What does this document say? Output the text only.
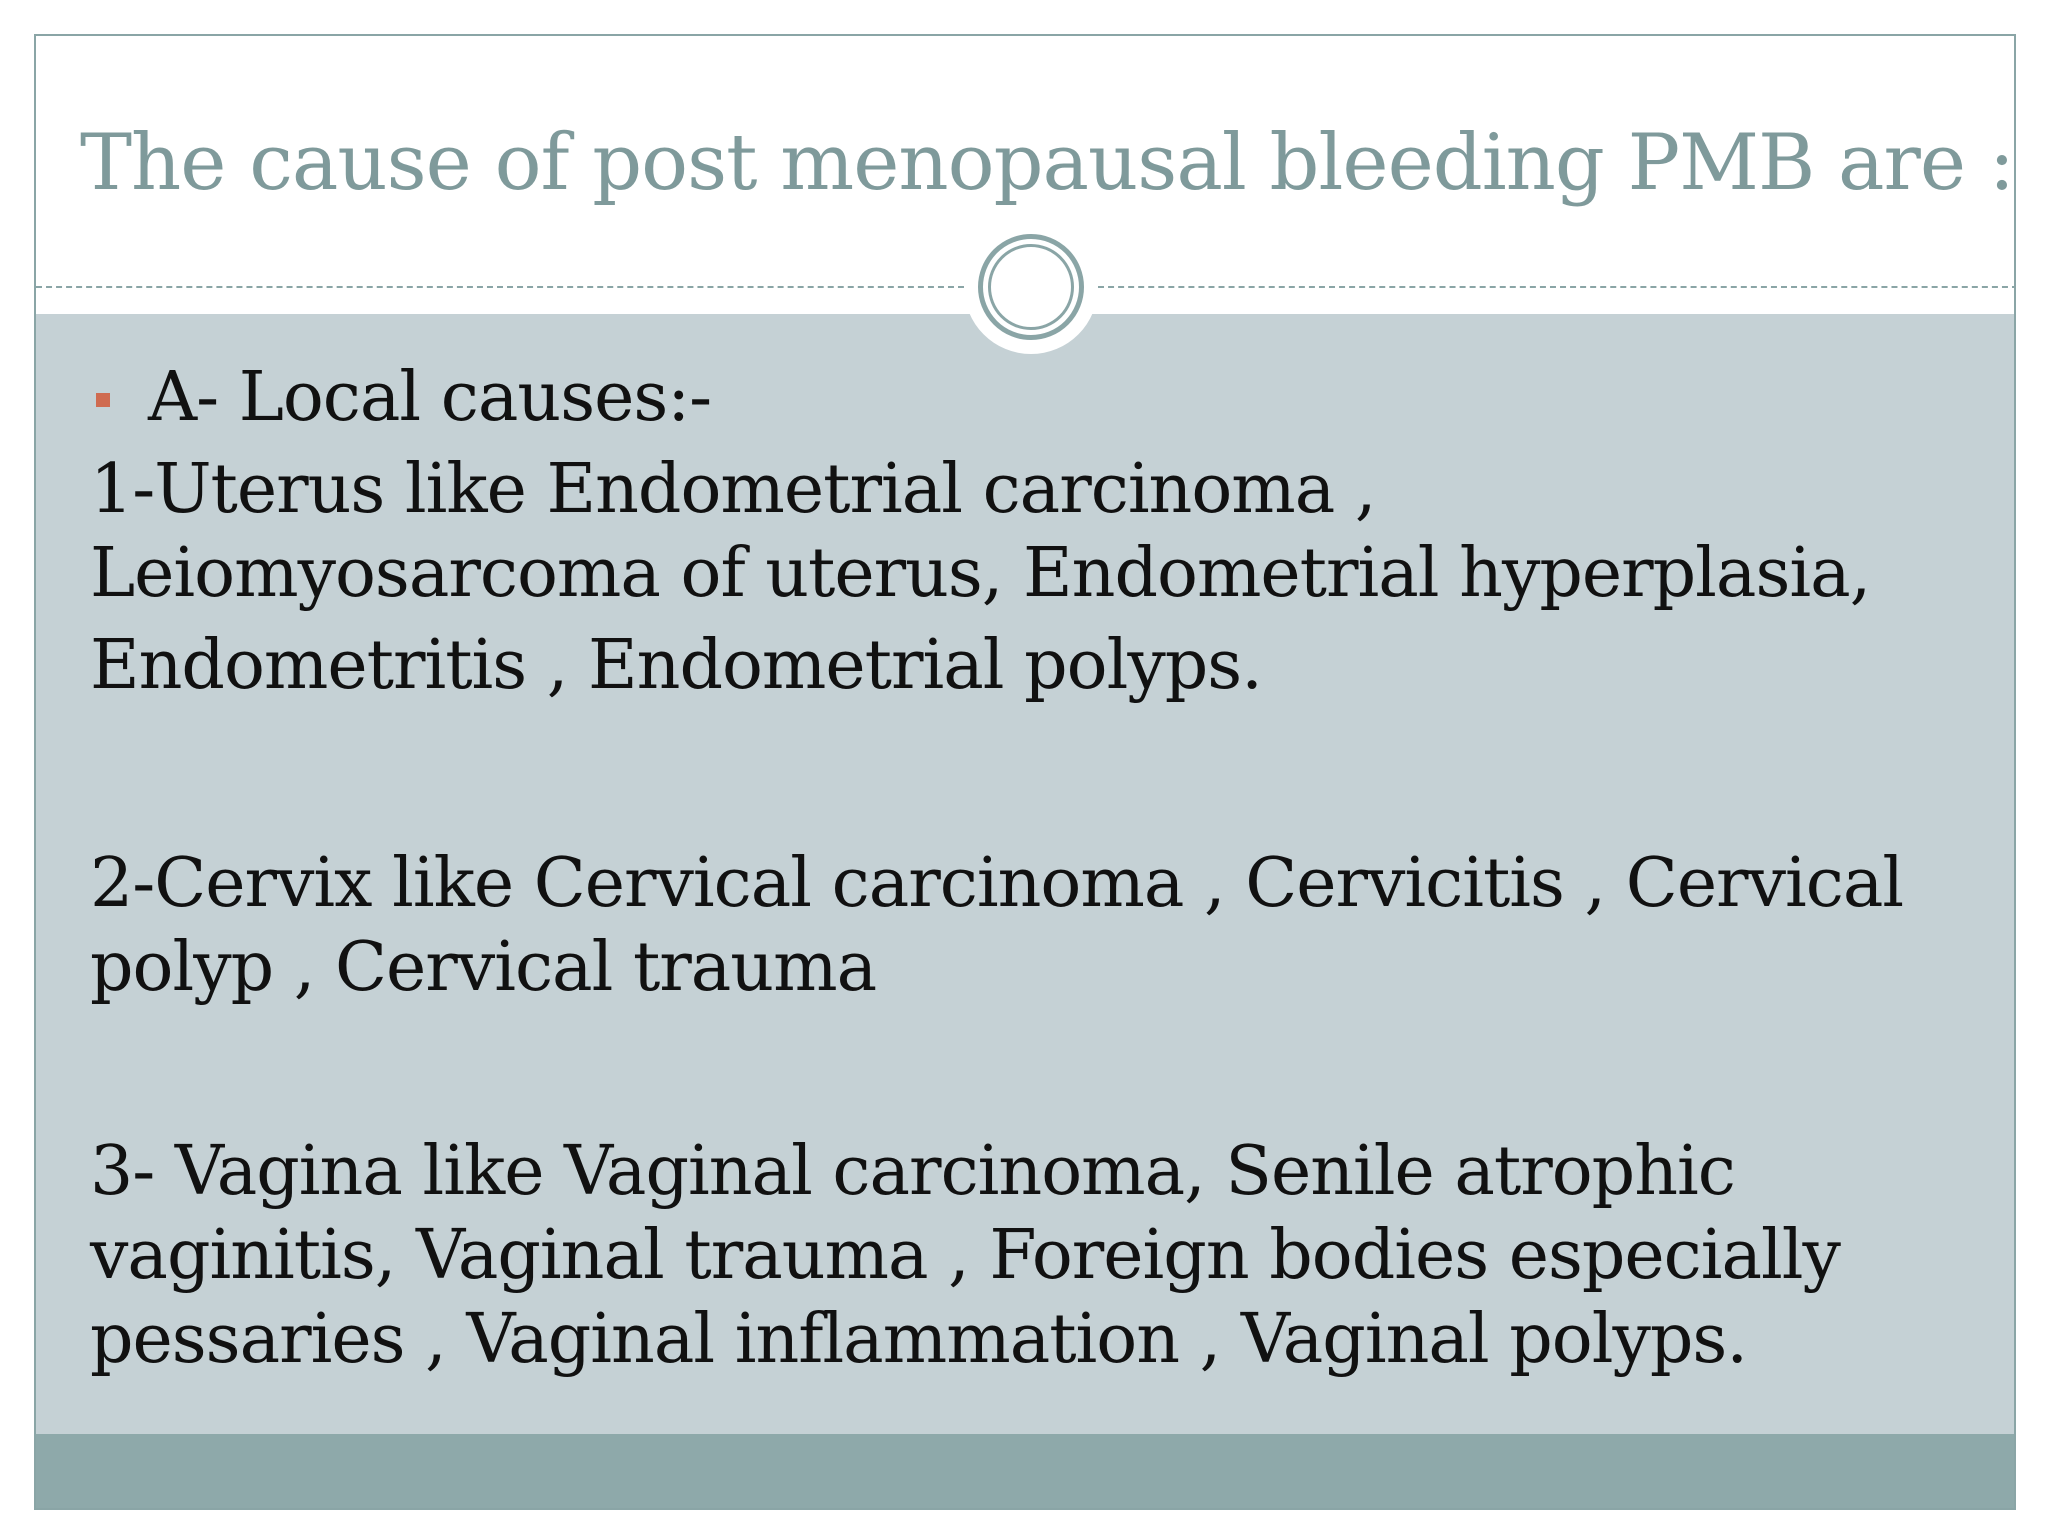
The cause of post menopausal bleeding PMB are :
A- Local causes:-
1-Uterus like Endometrial carcinoma ,
Leiomyosarcoma of uterus, Endometrial hyperplasia,
Endometritis , Endometrial polyps.
2-Cervix like Cervical carcinoma , Cervicitis , Cervical
polyp , Cervical trauma
3- Vagina like Vaginal carcinoma, Senile atrophic
vaginitis, Vaginal trauma , Foreign bodies especially
pessaries , Vaginal inflammation , Vaginal polyps.
